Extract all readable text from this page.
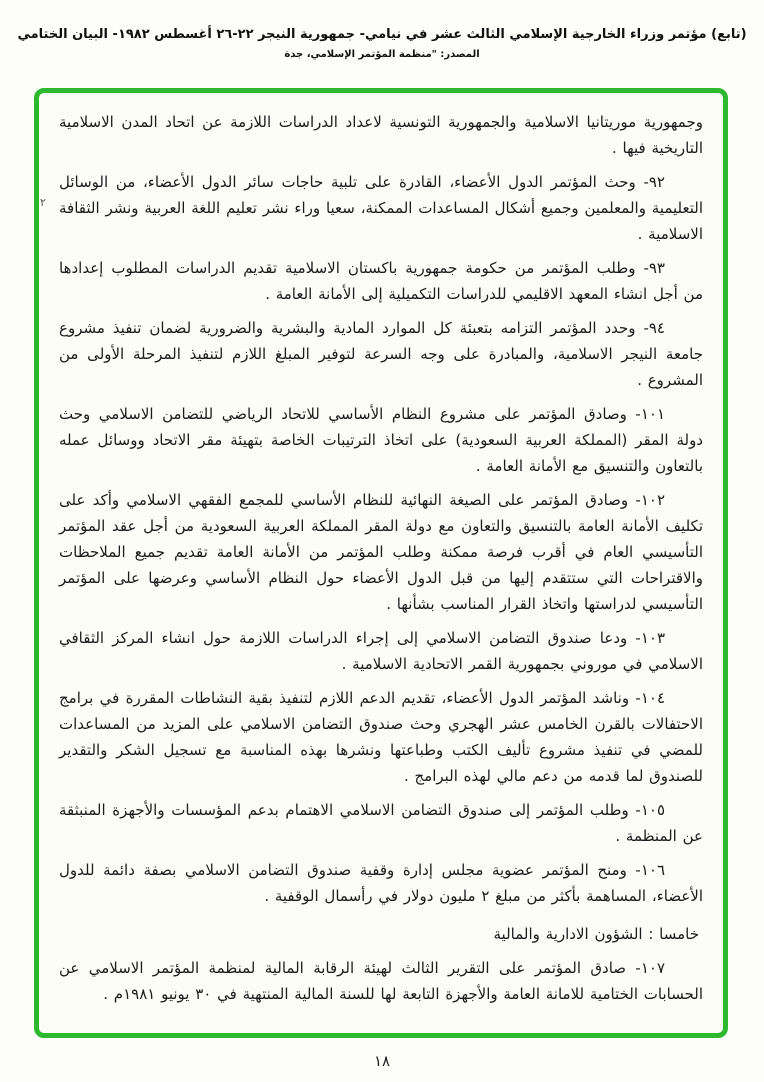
(تابع) مؤتمر وزراء الخارجية الإسلامي الثالث عشر في نيامي- جمهورية النيجر ٢٢-٢٦ أغسطس ١٩٨٢- البيان الختامي
المصدر: "منظمة المؤتمر الإسلامي، جدة

وجمهورية موريتانيا الاسلامية والجمهورية التونسية لاعداد الدراسات اللازمة عن اتحاد المدن الاسلامية التاريخية فيها .

٩٢- وحث المؤتمر الدول الأعضاء، القادرة على تلبية حاجات سائر الدول الأعضاء، من الوسائل التعليمية والمعلمين وجميع أشكال المساعدات الممكنة، سعيا وراء نشر تعليم اللغة العربية ونشر الثقافة الاسلامية .

٩٣- وطلب المؤتمر من حكومة جمهورية باكستان الاسلامية تقديم الدراسات المطلوب إعدادها من أجل انشاء المعهد الاقليمي للدراسات التكميلية إلى الأمانة العامة .

٩٤- وحدد المؤتمر التزامه بتعبئة كل الموارد المادية والبشرية والضرورية لضمان تنفيذ مشروع جامعة النيجر الاسلامية، والمبادرة على وجه السرعة لتوفير المبلغ اللازم لتنفيذ المرحلة الأولى من المشروع .

١٠١- وصادق المؤتمر على مشروع النظام الأساسي للاتحاد الرياضي للتضامن الاسلامي وحث دولة المقر (المملكة العربية السعودية) على اتخاذ الترتيبات الخاصة بتهيئة مقر الاتحاد ووسائل عمله بالتعاون والتنسيق مع الأمانة العامة .

١٠٢- وصادق المؤتمر على الصيغة النهائية للنظام الأساسي للمجمع الفقهي الاسلامي وأكد على تكليف الأمانة العامة بالتنسيق والتعاون مع دولة المقر المملكة العربية السعودية من أجل عقد المؤتمر التأسيسي العام في أقرب فرصة ممكنة وطلب المؤتمر من الأمانة العامة تقديم جميع الملاحظات والاقتراحات التي ستتقدم إليها من قبل الدول الأعضاء حول النظام الأساسي وعرضها على المؤتمر التأسيسي لدراستها واتخاذ القرار المناسب بشأنها .

١٠٣- ودعا صندوق التضامن الاسلامي إلى إجراء الدراسات اللازمة حول انشاء المركز الثقافي الاسلامي في موروني بجمهورية القمر الاتحادية الاسلامية .

١٠٤- وناشد المؤتمر الدول الأعضاء، تقديم الدعم اللازم لتنفيذ بقية النشاطات المقررة في برامج الاحتفالات بالقرن الخامس عشر الهجري وحث صندوق التضامن الاسلامي على المزيد من المساعدات للمضي في تنفيذ مشروع تأليف الكتب وطباعتها ونشرها بهذه المناسبة مع تسجيل الشكر والتقدير للصندوق لما قدمه من دعم مالي لهذه البرامج .

١٠٥- وطلب المؤتمر إلى صندوق التضامن الاسلامي الاهتمام بدعم المؤسسات والأجهزة المنبثقة عن المنظمة .

١٠٦- ومنح المؤتمر عضوية مجلس إدارة وقفية صندوق التضامن الاسلامي بصفة دائمة للدول الأعضاء، المساهمة بأكثر من مبلغ ٢ مليون دولار في رأسمال الوقفية .

خامسا : الشؤون الادارية والمالية

١٠٧- صادق المؤتمر على التقرير الثالث لهيئة الرقابة المالية لمنظمة المؤتمر الاسلامي عن الحسابات الختامية للامانة العامة والأجهزة التابعة لها للسنة المالية المنتهية في ٣٠ يونيو ١٩٨١م .

٢
١٨
